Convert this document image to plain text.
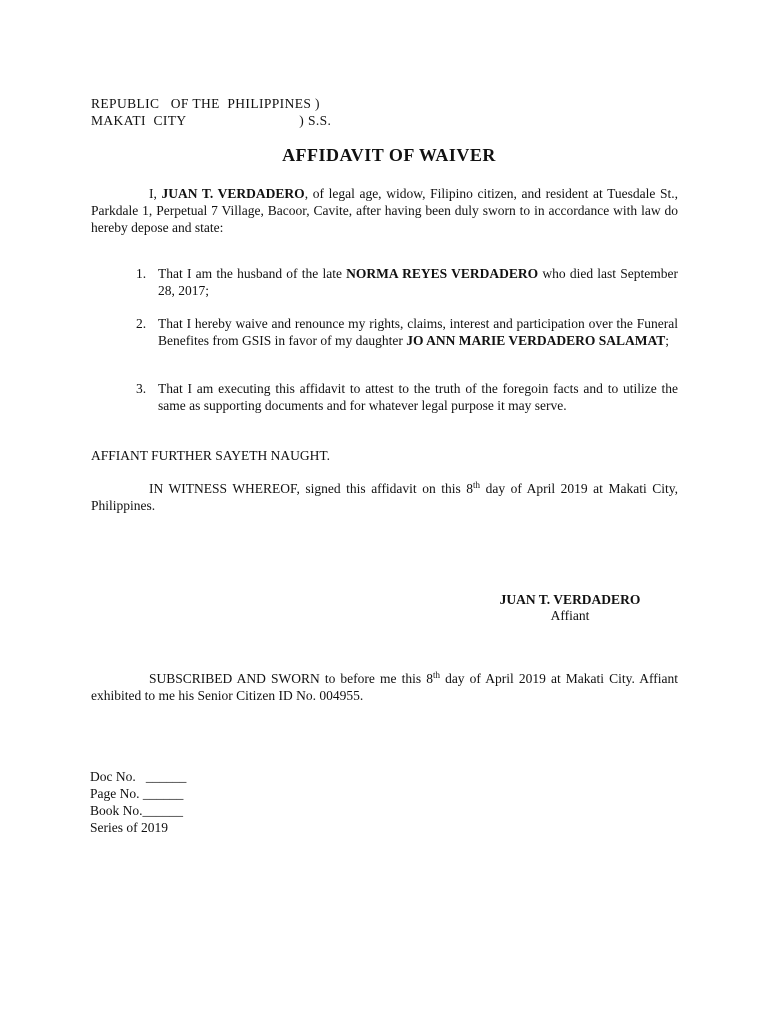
REPUBLIC   OF THE  PHILIPPINES )
MAKATI  CITY                              ) S.S.
AFFIDAVIT OF WAIVER
I, JUAN T. VERDADERO, of legal age, widow, Filipino citizen, and resident at Tuesdale St., Parkdale 1, Perpetual 7 Village, Bacoor, Cavite, after having been duly sworn to in accordance with law do hereby depose and state:
1. That I am the husband of the late NORMA REYES VERDADERO who died last September 28, 2017;
2. That I hereby waive and renounce my rights, claims, interest and participation over the Funeral Benefites from GSIS in favor of my daughter JO ANN MARIE VERDADERO SALAMAT;
3. That I am executing this affidavit to attest to the truth of the foregoin facts and to utilize the same as supporting documents and for whatever legal purpose it may serve.
AFFIANT FURTHER SAYETH NAUGHT.
IN WITNESS WHEREOF, signed this affidavit on this 8th day of April 2019 at Makati City, Philippines.
JUAN T. VERDADERO
Affiant
SUBSCRIBED AND SWORN to before me this 8th day of April 2019 at Makati City. Affiant exhibited to me his Senior Citizen ID No. 004955.
Doc No.   ______
Page No. ______
Book No.______
Series of 2019
